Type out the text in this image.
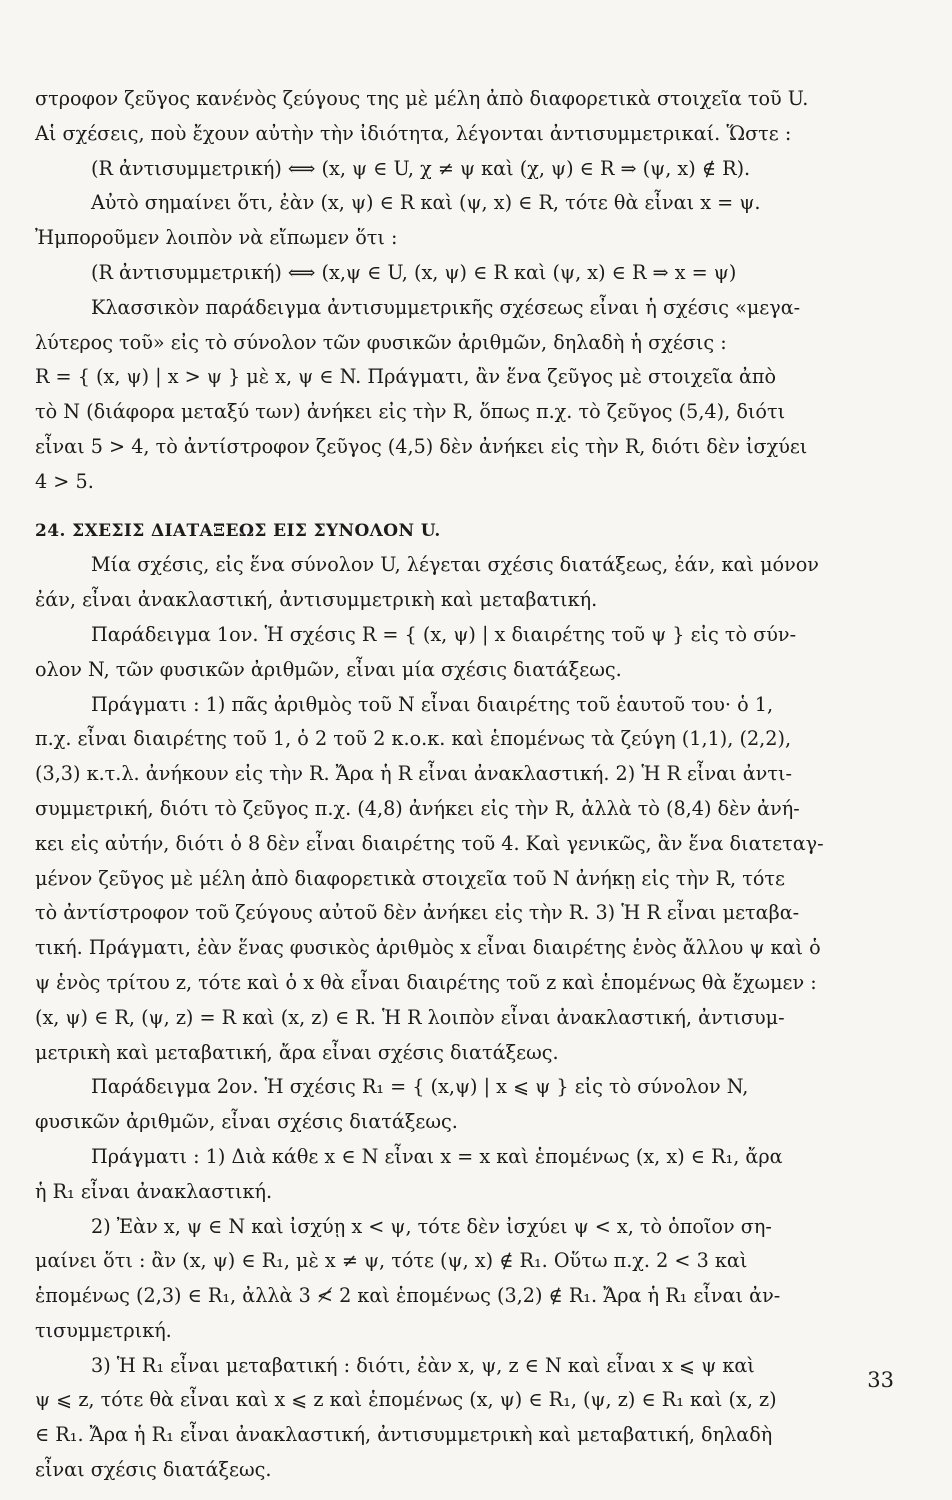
στροφον ζεῦγος κανένὸς ζεύγους της μὲ μέλη ἀπὸ διαφορετικὰ στοιχεῖα τοῦ U.
Αἱ σχέσεις, ποὺ ἔχουν αὐτὴν τὴν ἰδιότητα, λέγονται ἀντισυμμετρικαί. Ὥστε :
(R ἀντισυμμετρική) ⟺ (x, ψ ∈ U, χ ≠ ψ καὶ (χ, ψ) ∈ R ⇒ (ψ, x) ∉ R).
Αὐτὸ σημαίνει ὅτι, ἐὰν (x, ψ) ∈ R καὶ (ψ, x) ∈ R, τότε θὰ εἶναι x = ψ.
Ἠμποροῦμεν λοιπὸν νὰ εἴπωμεν ὅτι :
(R ἀντισυμμετρική) ⟺ (x,ψ ∈ U, (x, ψ) ∈ R καὶ (ψ, x) ∈ R ⇒ x = ψ)
Κλασσικὸν παράδειγμα ἀντισυμμετρικῆς σχέσεως εἶναι ἡ σχέσις «μεγα-
λύτερος τοῦ» εἰς τὸ σύνολον τῶν φυσικῶν ἀριθμῶν, δηλαδὴ ἡ σχέσις :
R = { (x, ψ) | x > ψ } μὲ x, ψ ∈ N. Πράγματι, ἂν ἕνα ζεῦγος μὲ στοιχεῖα ἀπὸ
τὸ N (διάφορα μεταξύ των) ἀνήκει εἰς τὴν R, ὅπως π.χ. τὸ ζεῦγος (5,4), διότι
εἶναι 5 > 4, τὸ ἀντίστροφον ζεῦγος (4,5) δὲν ἀνήκει εἰς τὴν R, διότι δὲν ἰσχύει
4 > 5.
24. ΣΧΕΣΙΣ ΔΙΑΤΑΞΕΩΣ ΕΙΣ ΣΥΝΟΛΟΝ U.
Μία σχέσις, εἰς ἕνα σύνολον U, λέγεται σχέσις διατάξεως, ἐάν, καὶ μόνον
ἐάν, εἶναι ἀνακλαστική, ἀντισυμμετρικὴ καὶ μεταβατική.
Παράδειγμα 1ον. Ἡ σχέσις R = { (x, ψ) | x διαιρέτης τοῦ ψ } εἰς τὸ σύν-
ολον N, τῶν φυσικῶν ἀριθμῶν, εἶναι μία σχέσις διατάξεως.
Πράγματι : 1) πᾶς ἀριθμὸς τοῦ N εἶναι διαιρέτης τοῦ ἑαυτοῦ του· ὁ 1,
π.χ. εἶναι διαιρέτης τοῦ 1, ὁ 2 τοῦ 2 κ.ο.κ. καὶ ἑπομένως τὰ ζεύγη (1,1), (2,2),
(3,3) κ.τ.λ. ἀνήκουν εἰς τὴν R. Ἄρα ἡ R εἶναι ἀνακλαστική. 2) Ἡ R εἶναι ἀντι-
συμμετρική, διότι τὸ ζεῦγος π.χ. (4,8) ἀνήκει εἰς τὴν R, ἀλλὰ τὸ (8,4) δὲν ἀνή-
κει εἰς αὐτήν, διότι ὁ 8 δὲν εἶναι διαιρέτης τοῦ 4. Καὶ γενικῶς, ἂν ἕνα διατεταγ-
μένον ζεῦγος μὲ μέλη ἀπὸ διαφορετικὰ στοιχεῖα τοῦ N ἀνήκῃ εἰς τὴν R, τότε
τὸ ἀντίστροφον τοῦ ζεύγους αὐτοῦ δὲν ἀνήκει εἰς τὴν R. 3) Ἡ R εἶναι μεταβα-
τική. Πράγματι, ἐὰν ἕνας φυσικὸς ἀριθμὸς x εἶναι διαιρέτης ἑνὸς ἄλλου ψ καὶ ὁ
ψ ἑνὸς τρίτου z, τότε καὶ ὁ x θὰ εἶναι διαιρέτης τοῦ z καὶ ἑπομένως θὰ ἔχωμεν :
(x, ψ) ∈ R, (ψ, z) = R καὶ (x, z) ∈ R. Ἡ R λοιπὸν εἶναι ἀνακλαστική, ἀντισυμ-
μετρικὴ καὶ μεταβατική, ἄρα εἶναι σχέσις διατάξεως.
Παράδειγμα 2ον. Ἡ σχέσις R₁ = { (x,ψ) | x ⩽ ψ } εἰς τὸ σύνολον N,
φυσικῶν ἀριθμῶν, εἶναι σχέσις διατάξεως.
Πράγματι : 1) Διὰ κάθε x ∈ N εἶναι x = x καὶ ἑπομένως (x, x) ∈ R₁, ἄρα
ἡ R₁ εἶναι ἀνακλαστική.
2) Ἐὰν x, ψ ∈ N καὶ ἰσχύῃ x < ψ, τότε δὲν ἰσχύει ψ < x, τὸ ὁποῖον ση-
μαίνει ὅτι : ἂν (x, ψ) ∈ R₁, μὲ x ≠ ψ, τότε (ψ, x) ∉ R₁. Οὕτω π.χ. 2 < 3 καὶ
ἑπομένως (2,3) ∈ R₁, ἀλλὰ 3 ≮ 2 καὶ ἑπομένως (3,2) ∉ R₁. Ἄρα ἡ R₁ εἶναι ἀν-
τισυμμετρική.
3) Ἡ R₁ εἶναι μεταβατική : διότι, ἐὰν x, ψ, z ∈ N καὶ εἶναι x ⩽ ψ καὶ
ψ ⩽ z, τότε θὰ εἶναι καὶ x ⩽ z καὶ ἑπομένως (x, ψ) ∈ R₁, (ψ, z) ∈ R₁ καὶ (x, z)
∈ R₁. Ἄρα ἡ R₁ εἶναι ἀνακλαστική, ἀντισυμμετρικὴ καὶ μεταβατική, δηλαδὴ
εἶναι σχέσις διατάξεως.
33
